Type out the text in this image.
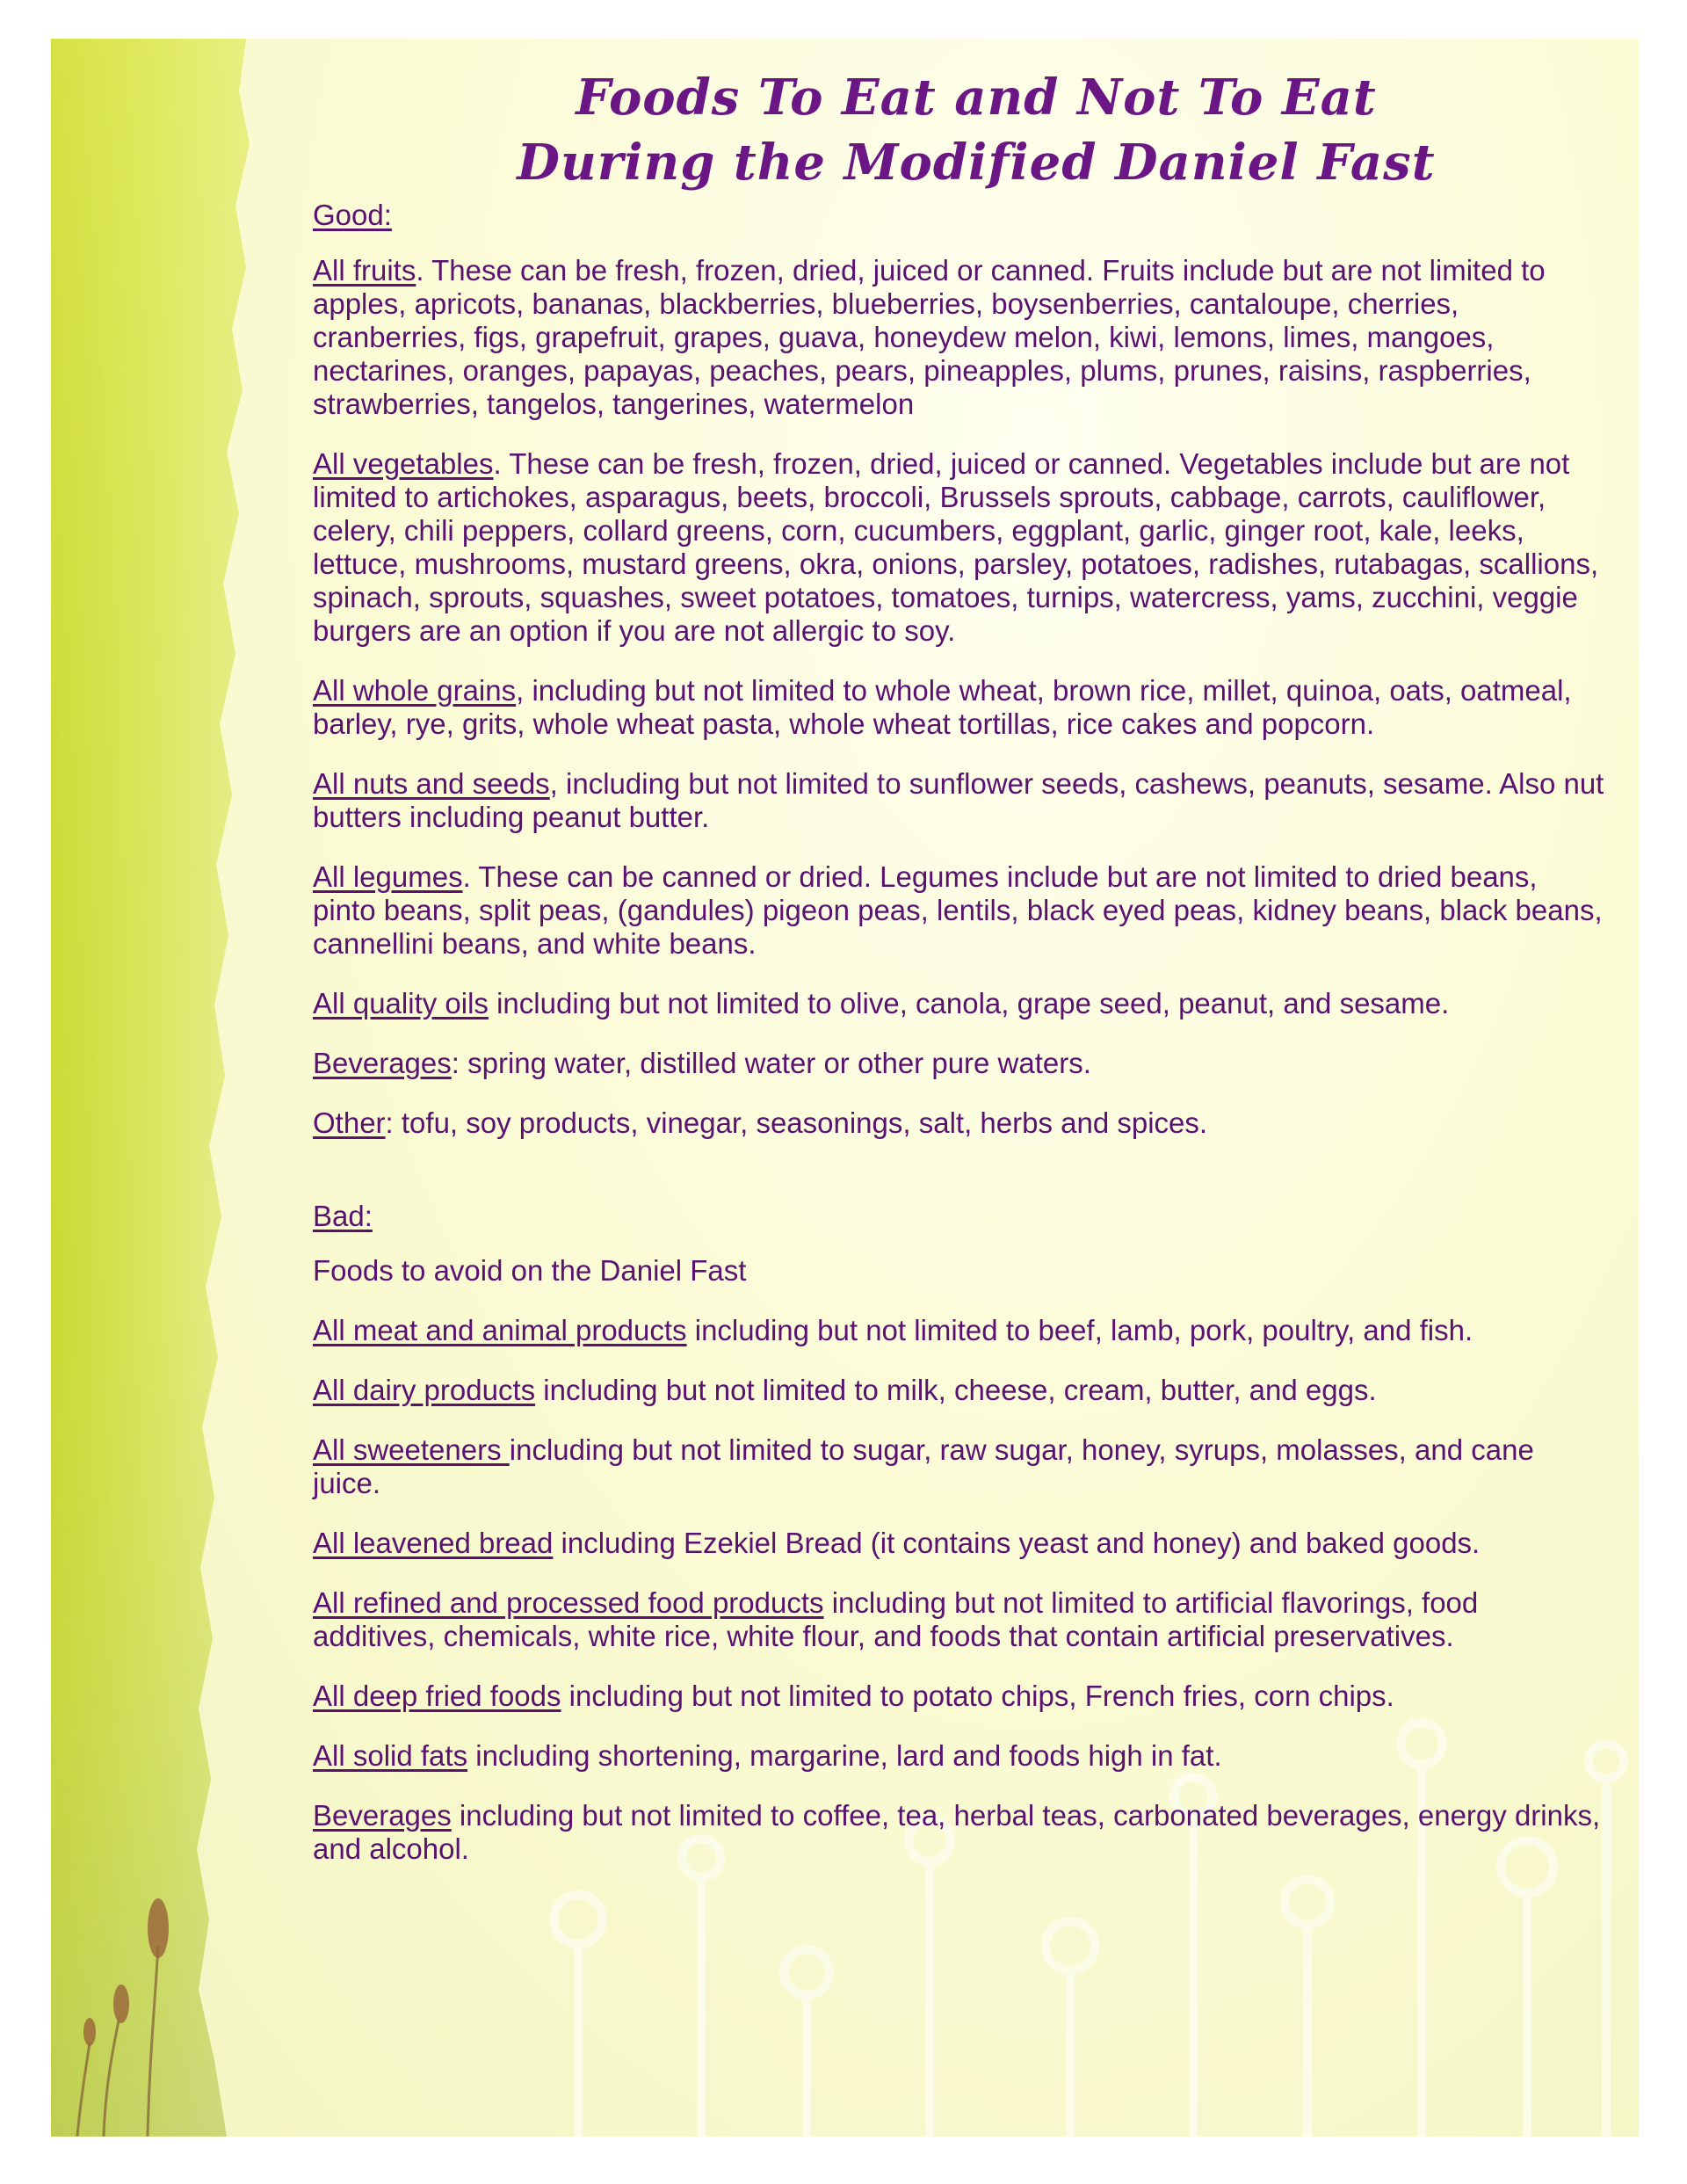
Foods To Eat and Not To Eat
During the Modified Daniel Fast

Good:

All fruits. These can be fresh, frozen, dried, juiced or canned. Fruits include but are not limited to apples, apricots, bananas, blackberries, blueberries, boysenberries, cantaloupe, cherries, cranberries, figs, grapefruit, grapes, guava, honeydew melon, kiwi, lemons, limes, mangoes, nectarines, oranges, papayas, peaches, pears, pineapples, plums, prunes, raisins, raspberries, strawberries, tangelos, tangerines, watermelon

All vegetables. These can be fresh, frozen, dried, juiced or canned. Vegetables include but are not limited to artichokes, asparagus, beets, broccoli, Brussels sprouts, cabbage, carrots, cauliflower, celery, chili peppers, collard greens, corn, cucumbers, eggplant, garlic, ginger root, kale, leeks, lettuce, mushrooms, mustard greens, okra, onions, parsley, potatoes, radishes, rutabagas, scallions, spinach, sprouts, squashes, sweet potatoes, tomatoes, turnips, watercress, yams, zucchini, veggie burgers are an option if you are not allergic to soy.

All whole grains, including but not limited to whole wheat, brown rice, millet, quinoa, oats, oatmeal, barley, rye, grits, whole wheat pasta, whole wheat tortillas, rice cakes and popcorn.

All nuts and seeds, including but not limited to sunflower seeds, cashews, peanuts, sesame. Also nut butters including peanut butter.

All legumes. These can be canned or dried. Legumes include but are not limited to dried beans, pinto beans, split peas, (gandules) pigeon peas, lentils, black eyed peas, kidney beans, black beans, cannellini beans, and white beans.

All quality oils including but not limited to olive, canola, grape seed, peanut, and sesame.

Beverages: spring water, distilled water or other pure waters.

Other: tofu, soy products, vinegar, seasonings, salt, herbs and spices.

Bad:

Foods to avoid on the Daniel Fast

All meat and animal products including but not limited to beef, lamb, pork, poultry, and fish.

All dairy products including but not limited to milk, cheese, cream, butter, and eggs.

All sweeteners including but not limited to sugar, raw sugar, honey, syrups, molasses, and cane juice.

All leavened bread including Ezekiel Bread (it contains yeast and honey) and baked goods.

All refined and processed food products including but not limited to artificial flavorings, food additives, chemicals, white rice, white flour, and foods that contain artificial preservatives.

All deep fried foods including but not limited to potato chips, French fries, corn chips.

All solid fats including shortening, margarine, lard and foods high in fat.

Beverages including but not limited to coffee, tea, herbal teas, carbonated beverages, energy drinks, and alcohol.
